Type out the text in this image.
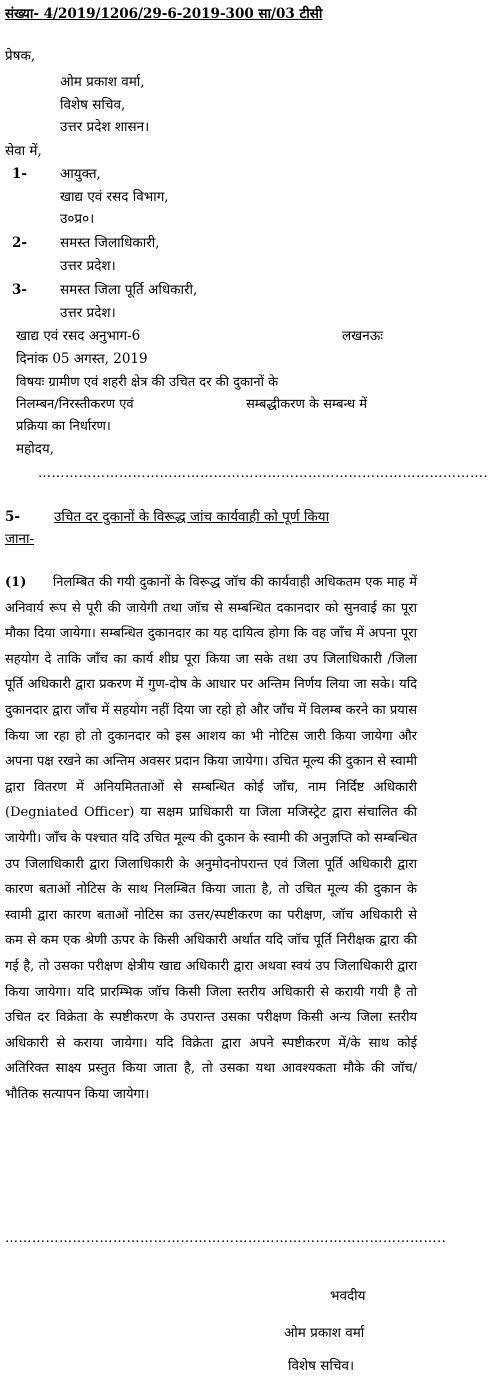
संख्या- 4/2019/1206/29-6-2019-300 सा/03 टीसी
प्रेषक,
ओम प्रकाश वर्मा,
विशेष सचिव,
उत्तर प्रदेश शासन।
सेवा में,
1- आयुक्त,
खाद्य एवं रसद विभाग,
उ०प्र०।
2- समस्त जिलाधिकारी,
उत्तर प्रदेश।
3- समस्त जिला पूर्ति अधिकारी,
उत्तर प्रदेश।
खाद्य एवं रसद अनुभाग-6	लखनऊः
दिनांक 05 अगस्त, 2019
विषयः ग्रामीण एवं शहरी क्षेत्र की उचित दर की दुकानों के
निलम्बन/निरस्तीकरण एवं	सम्बद्धीकरण के सम्बन्ध में
प्रक्रिया का निर्धारण।
महोदय,
……………………………………………………………………………………….
5-	उचित दर दुकानों के विरूद्ध जांच कार्यवाही को पूर्ण किया
जाना-
(1) निलम्बित की गयी दुकानों के विरूद्ध जॉच की कार्यवाही अधिकतम एक माह में अनिवार्य रूप से पूरी की जायेगी तथा जॉच से सम्बन्धित दकानदार को सुनवाई का पूरा मौका दिया जायेगा। सम्बन्धित दुकानदार का यह दायित्व होगा कि वह जाँच में अपना पूरा सहयोग दे ताकि जाँच का कार्य शीघ्र पूरा किया जा सके तथा उप जिलाधिकारी /जिला पूर्ति अधिकारी द्वारा प्रकरण में गुण-दोष के आधार पर अन्तिम निर्णय लिया जा सके। यदि दुकानदार द्वारा जाँच में सहयोग नहीं दिया जा रहो हो और जाँच में विलम्ब करने का प्रयास किया जा रहा हो तो दुकानदार को इस आशय का भी नोटिस जारी किया जायेगा और अपना पक्ष रखने का अन्तिम अवसर प्रदान किया जायेगा। उचित मूल्य की दुकान से स्वामी द्वारा वितरण में अनियमितताओं से सम्बन्धित कोई जाँच, नाम निर्दिष्ट अधिकारी (Degniated Officer) या सक्षम प्राधिकारी या जिला मजिस्ट्रेट द्वारा संचालित की जायेगी। जाँच के पश्चात यदि उचित मूल्य की दुकान के स्वामी की अनुज्ञप्ति को सम्बन्धित उप जिलाधिकारी द्वारा जिलाधिकारी के अनुमोदनोपरान्त एवं जिला पूर्ति अधिकारी द्वारा कारण बताओं नोटिस के साथ निलम्बित किया जाता है, तो उचित मूल्य की दुकान के स्वामी द्वारा कारण बताओं नोटिस का उत्तर/स्पष्टीकरण का परीक्षण, जॉच अधिकारी से कम से कम एक श्रेणी ऊपर के किसी अधिकारी अर्थात यदि जॉच पूर्ति निरीक्षक द्वारा की गई है, तो उसका परीक्षण क्षेत्रीय खाद्य अधिकारी द्वारा अथवा स्वयं उप जिलाधिकारी द्वारा किया जायेगा। यदि प्रारम्भिक जॉच किसी जिला स्तरीय अधिकारी से करायी गयी है तो उचित दर विक्रेता के स्पष्टीकरण के उपरान्त उसका परीक्षण किसी अन्य जिला स्तरीय अधिकारी से कराया जायेगा। यदि विक्रेता द्वारा अपने स्पष्टीकरण में/के साथ कोई अतिरिक्त साक्ष्य प्रस्तुत किया जाता है, तो उसका यथा आवश्यकता मौके की जॉच/ भौतिक सत्यापन किया जायेगा।
……………………………………………………………………………………..
भवदीय
ओम प्रकाश वर्मा
विशेष सचिव।
